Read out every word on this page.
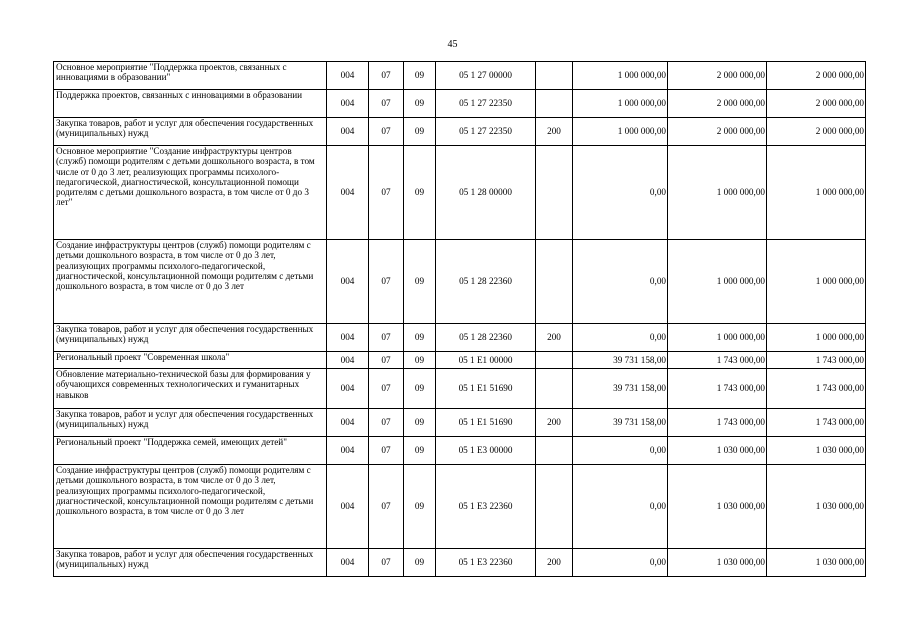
45
Основное мероприятие "Поддержка проектов, связанных с инновациями в образовании"	004	07	09	05 1 27 00000		1 000 000,00	2 000 000,00	2 000 000,00
Поддержка проектов, связанных с инновациями в образовании	004	07	09	05 1 27 22350		1 000 000,00	2 000 000,00	2 000 000,00
Закупка товаров, работ и услуг для обеспечения государственных (муниципальных) нужд	004	07	09	05 1 27 22350	200	1 000 000,00	2 000 000,00	2 000 000,00
Основное мероприятие "Создание инфраструктуры центров (служб) помощи родителям с детьми дошкольного возраста, в том числе от 0 до 3 лет, реализующих программы психолого-педагогической, диагностической, консультационной помощи родителям с детьми дошкольного возраста, в том числе от 0 до 3 лет"	004	07	09	05 1 28 00000		0,00	1 000 000,00	1 000 000,00
Создание инфраструктуры центров (служб) помощи родителям с детьми дошкольного возраста, в том числе от 0 до 3 лет, реализующих программы психолого-педагогической, диагностической, консультационной помощи родителям с детьми дошкольного возраста, в том числе от 0 до 3 лет	004	07	09	05 1 28 22360		0,00	1 000 000,00	1 000 000,00
Закупка товаров, работ и услуг для обеспечения государственных (муниципальных) нужд	004	07	09	05 1 28 22360	200	0,00	1 000 000,00	1 000 000,00
Региональный проект "Современная школа"	004	07	09	05 1 E1 00000		39 731 158,00	1 743 000,00	1 743 000,00
Обновление материально-технической базы для формирования у обучающихся современных технологических и гуманитарных навыков	004	07	09	05 1 E1 51690		39 731 158,00	1 743 000,00	1 743 000,00
Закупка товаров, работ и услуг для обеспечения государственных (муниципальных) нужд	004	07	09	05 1 E1 51690	200	39 731 158,00	1 743 000,00	1 743 000,00
Региональный проект "Поддержка семей, имеющих детей"	004	07	09	05 1 E3 00000		0,00	1 030 000,00	1 030 000,00
Создание инфраструктуры центров (служб) помощи родителям с детьми дошкольного возраста, в том числе от 0 до 3 лет, реализующих программы психолого-педагогической, диагностической, консультационной помощи родителям с детьми дошкольного возраста, в том числе от 0 до 3 лет	004	07	09	05 1 E3 22360		0,00	1 030 000,00	1 030 000,00
Закупка товаров, работ и услуг для обеспечения государственных (муниципальных) нужд	004	07	09	05 1 E3 22360	200	0,00	1 030 000,00	1 030 000,00
